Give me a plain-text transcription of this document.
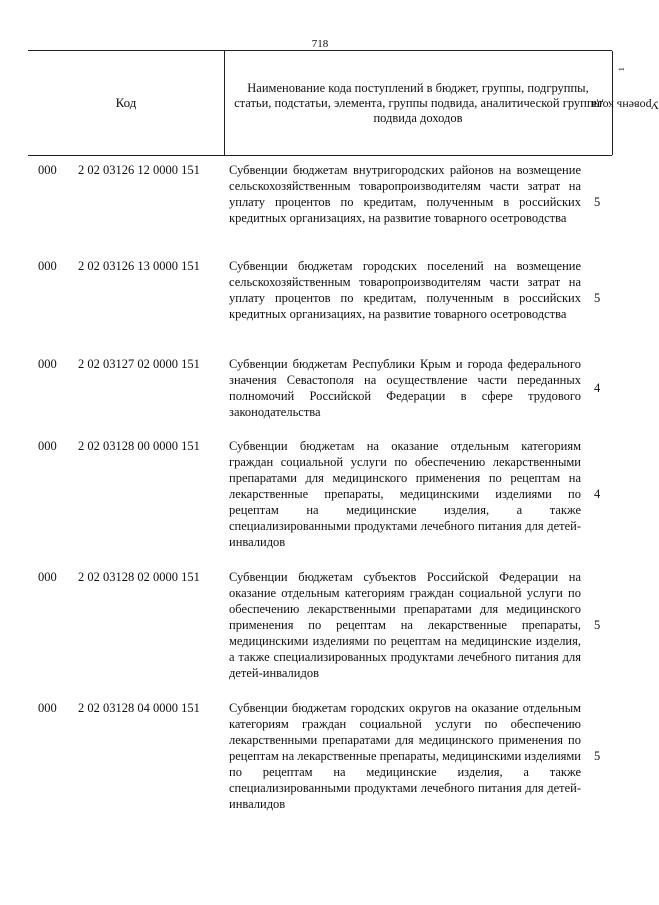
718
Код
Наименование кода поступлений в бюджет, группы, подгруппы, статьи, подстатьи, элемента, группы подвида, аналитической группы подвида доходов
Уровень кода$^1$
000 2 02 03126 12 0000 151 Субвенции бюджетам внутригородских районов на возмещение сельскохозяйственным товаропроизводителям части затрат на уплату процентов по кредитам, полученным в российских кредитных организациях, на развитие товарного осетроводства
5
000 2 02 03126 13 0000 151 Субвенции бюджетам городских поселений на возмещение сельскохозяйственным товаропроизводителям части затрат на уплату процентов по кредитам, полученным в российских кредитных организациях, на развитие товарного осетроводства
5
000 2 02 03127 02 0000 151 Субвенции бюджетам Республики Крым и города федерального значения Севастополя на осуществление части переданных полномочий Российской Федерации в сфере трудового законодательства
4
000 2 02 03128 00 0000 151 Субвенции бюджетам на оказание отдельным категориям граждан социальной услуги по обеспечению лекарственными препаратами для медицинского применения по рецептам на лекарственные препараты, медицинскими изделиями по рецептам на медицинские изделия, а также специализированными продуктами лечебного питания для детей-инвалидов
4
000 2 02 03128 02 0000 151 Субвенции бюджетам субъектов Российской Федерации на оказание отдельным категориям граждан социальной услуги по обеспечению лекарственными препаратами для медицинского применения по рецептам на лекарственные препараты, медицинскими изделиями по рецептам на медицинские изделия, а также специализированных продуктами лечебного питания для детей-инвалидов
5
000 2 02 03128 04 0000 151 Субвенции бюджетам городских округов на оказание отдельным категориям граждан социальной услуги по обеспечению лекарственными препаратами для медицинского применения по рецептам на лекарственные препараты, медицинскими изделиями по рецептам на медицинские изделия, а также специализированными продуктами лечебного питания для детей-инвалидов
5
